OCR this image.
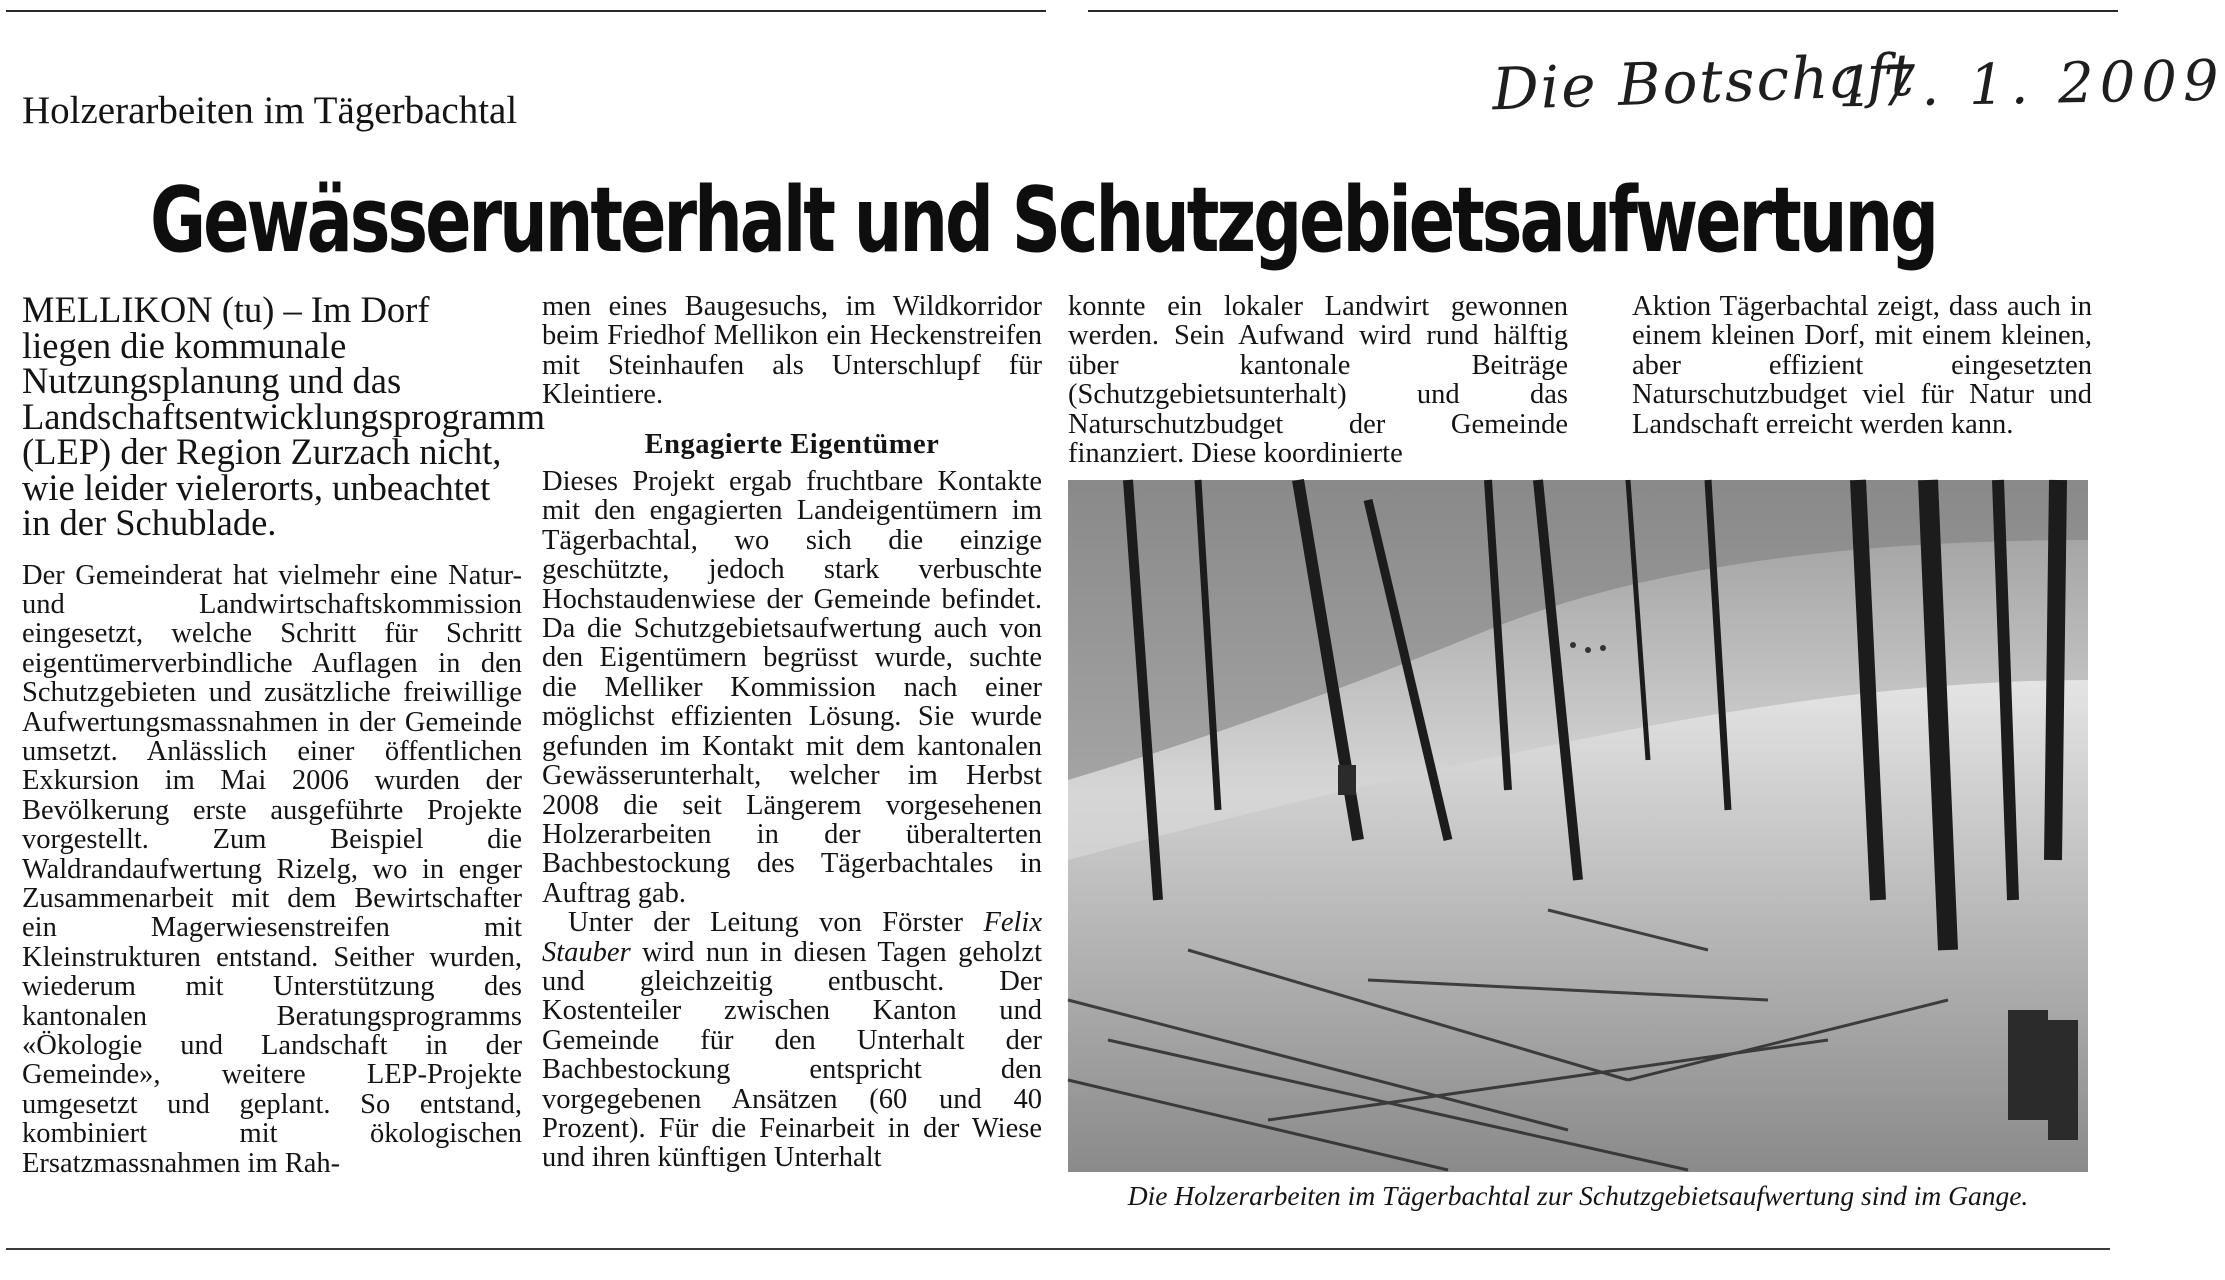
Die Botschaft
17. 1. 2009
Holzerarbeiten im Tägerbachtal
Gewässerunterhalt und Schutzgebietsaufwertung

MELLIKON (tu) – Im Dorf liegen die kommunale Nutzungsplanung und das Landschaftsentwicklungsprogramm (LEP) der Region Zurzach nicht, wie leider vielerorts, unbeachtet in der Schublade.

Der Gemeinderat hat vielmehr eine Natur- und Landwirtschaftskommission eingesetzt, welche Schritt für Schritt eigentümerverbindliche Auflagen in den Schutzgebieten und zusätzliche freiwillige Aufwertungsmassnahmen in der Gemeinde umsetzt. Anlässlich einer öffentlichen Exkursion im Mai 2006 wurden der Bevölkerung erste ausgeführte Projekte vorgestellt. Zum Beispiel die Waldrandaufwertung Rizelg, wo in enger Zusammenarbeit mit dem Bewirtschafter ein Magerwiesenstreifen mit Kleinstrukturen entstand. Seither wurden, wiederum mit Unterstützung des kantonalen Beratungsprogramms «Ökologie und Landschaft in der Gemeinde», weitere LEP-Projekte umgesetzt und geplant. So entstand, kombiniert mit ökologischen Ersatzmassnahmen im Rah-

men eines Baugesuchs, im Wildkorridor beim Friedhof Mellikon ein Heckenstreifen mit Steinhaufen als Unterschlupf für Kleintiere.

Engagierte Eigentümer

Dieses Projekt ergab fruchtbare Kontakte mit den engagierten Landeigentümern im Tägerbachtal, wo sich die einzige geschützte, jedoch stark verbuschte Hochstaudenwiese der Gemeinde befindet. Da die Schutzgebietsaufwertung auch von den Eigentümern begrüsst wurde, suchte die Melliker Kommission nach einer möglichst effizienten Lösung. Sie wurde gefunden im Kontakt mit dem kantonalen Gewässerunterhalt, welcher im Herbst 2008 die seit Längerem vorgesehenen Holzerarbeiten in der überalterten Bachbestockung des Tägerbachtales in Auftrag gab.

Unter der Leitung von Förster Felix Stauber wird nun in diesen Tagen geholzt und gleichzeitig entbuscht. Der Kostenteiler zwischen Kanton und Gemeinde für den Unterhalt der Bachbestockung entspricht den vorgegebenen Ansätzen (60 und 40 Prozent). Für die Feinarbeit in der Wiese und ihren künftigen Unterhalt

konnte ein lokaler Landwirt gewonnen werden. Sein Aufwand wird rund hälftig über kantonale Beiträge (Schutzgebietsunterhalt) und das Naturschutzbudget der Gemeinde finanziert. Diese koordinierte

Aktion Tägerbachtal zeigt, dass auch in einem kleinen Dorf, mit einem kleinen, aber effizient eingesetzten Naturschutzbudget viel für Natur und Landschaft erreicht werden kann.

Die Holzerarbeiten im Tägerbachtal zur Schutzgebietsaufwertung sind im Gange.
